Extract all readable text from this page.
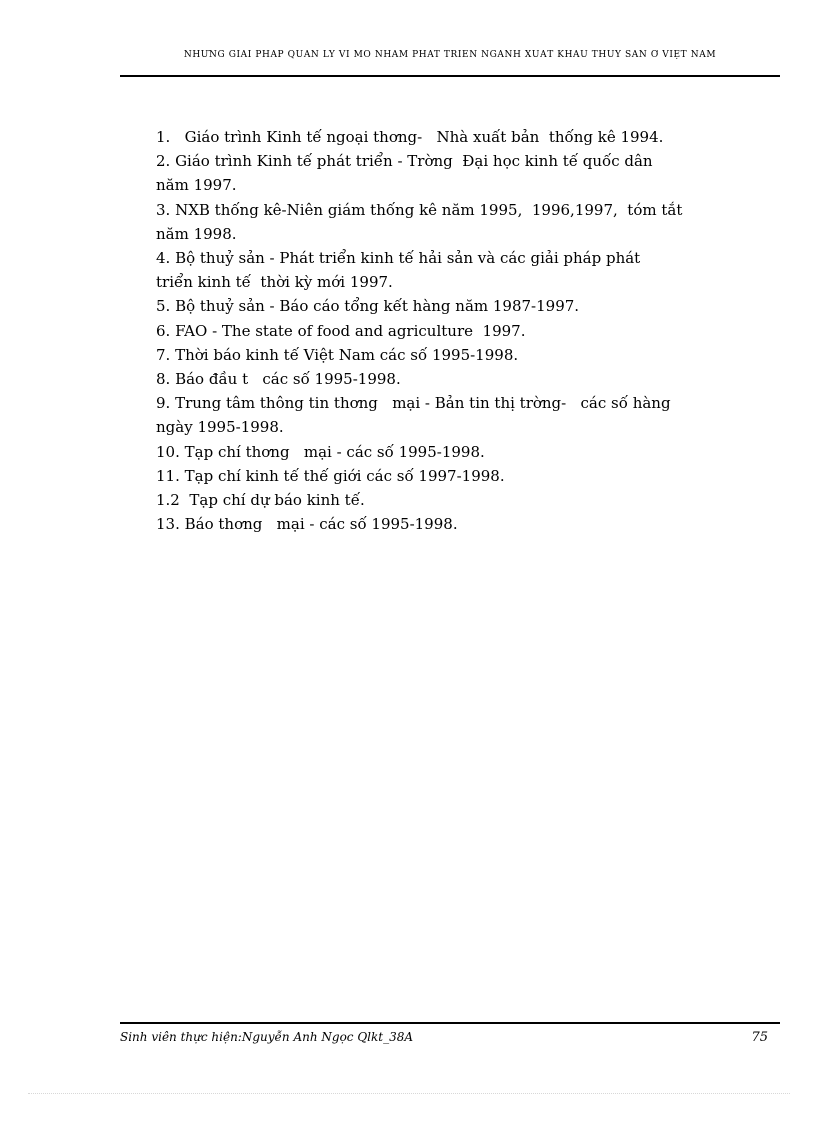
NHỮNG GIẢI PHÁP QUẢN LÝ VĨ MÔ NHẰM PHÁT TRIỂN NGÀNH XUẤT KHẨU THUỶ SẢN Ở VIỆT NAM
1.   Giáo trình Kinh tế ngoại thơng-   Nhà xuất bản  thống kê 1994.
2. Giáo trình Kinh tế phát triển - Trờng  Đại học kinh tế quốc dân
năm 1997.
3. NXB thống kê-Niên giám thống kê năm 1995,  1996,1997,  tóm tắt
năm 1998.
4. Bộ thuỷ sản - Phát triển kinh tế hải sản và các giải pháp phát
triển kinh tế  thời kỳ mới 1997.
5. Bộ thuỷ sản - Báo cáo tổng kết hàng năm 1987-1997.
6. FAO - The state of food and agriculture  1997.
7. Thời báo kinh tế Việt Nam các số 1995-1998.
8. Báo đầu t   các số 1995-1998.
9. Trung tâm thông tin thơng   mại - Bản tin thị trờng-   các số hàng
ngày 1995-1998.
10. Tạp chí thơng   mại - các số 1995-1998.
11. Tạp chí kinh tế thế giới các số 1997-1998.
1.2  Tạp chí dự báo kinh tế.
13. Báo thơng   mại - các số 1995-1998.
Sinh viên thực hiện:Nguyễn Anh Ngọc Qlkt_38A	75
